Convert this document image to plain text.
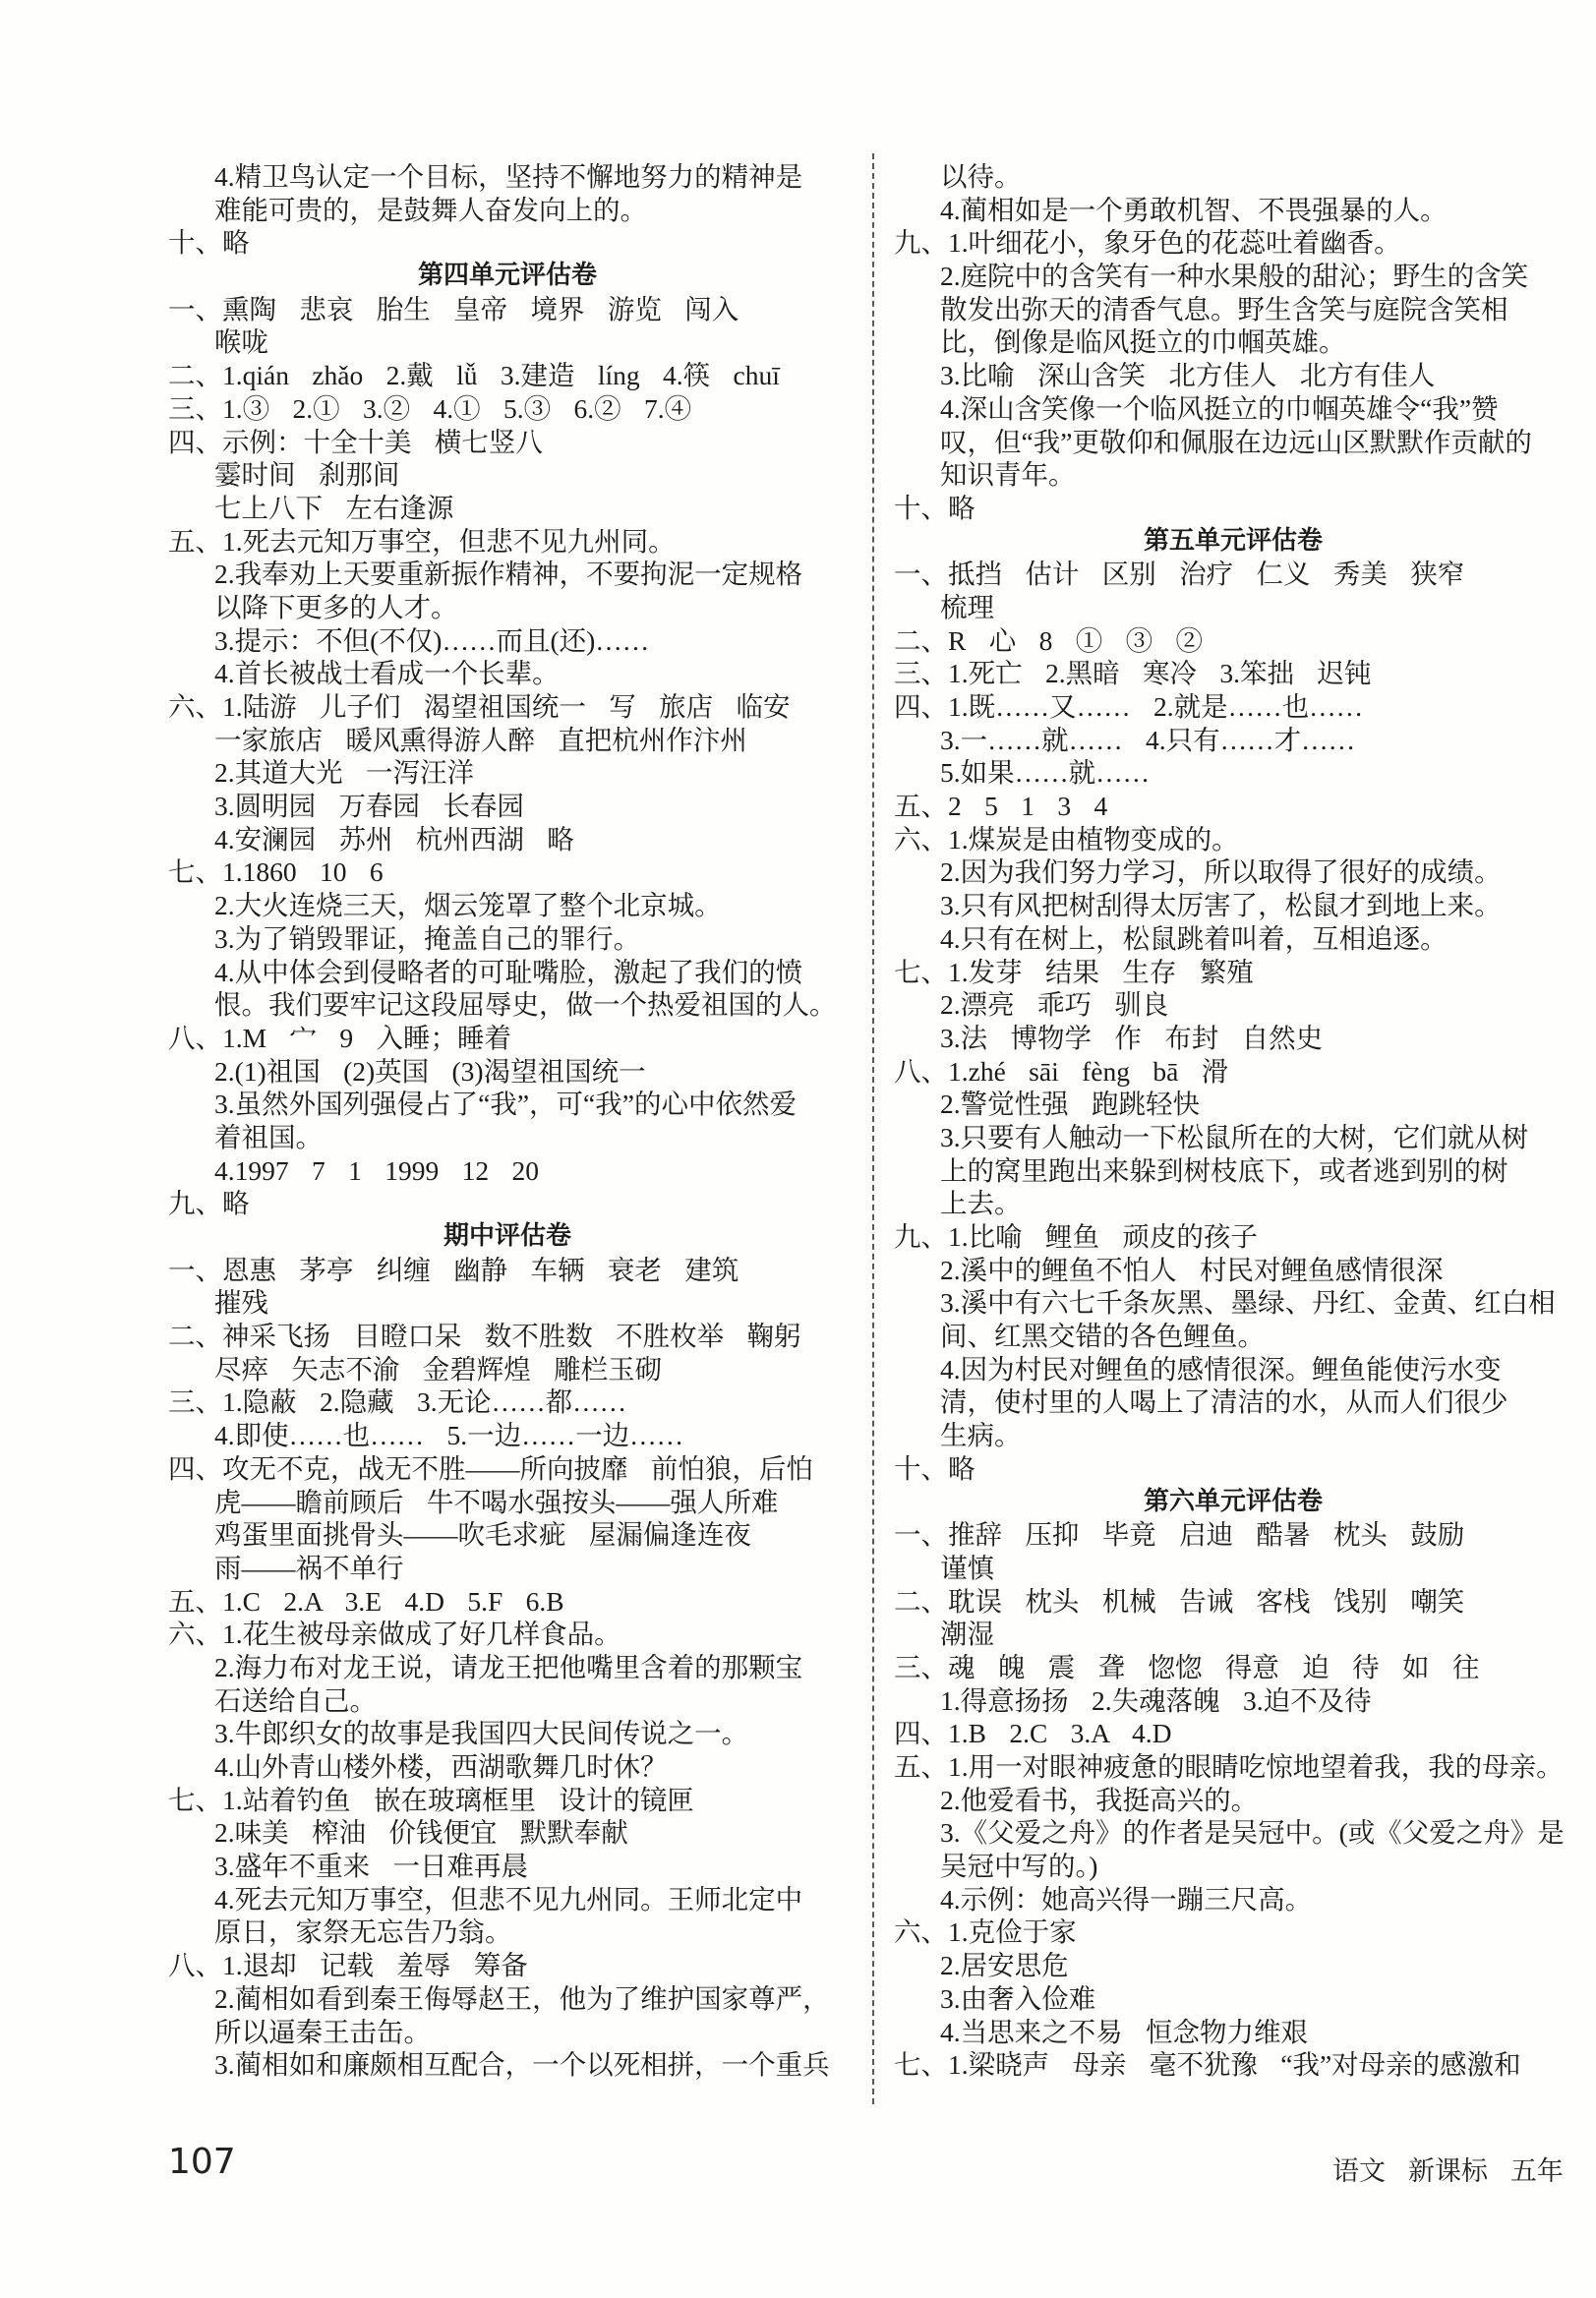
4.精卫鸟认定一个目标，坚持不懈地努力的精神是
难能可贵的，是鼓舞人奋发向上的。
十、略
第四单元评估卷
一、熏陶 悲哀 胎生 皇帝 境界 游览 闯入
喉咙
二、1.qián zhǎo 2.戴 lǚ 3.建造 líng 4.筷 chuī
三、1.③ 2.① 3.② 4.① 5.③ 6.② 7.④
四、示例：十全十美 横七竖八
霎时间 刹那间
七上八下 左右逢源
五、1.死去元知万事空，但悲不见九州同。
2.我奉劝上天要重新振作精神，不要拘泥一定规格
以降下更多的人才。
3.提示：不但(不仅)……而且(还)……
4.首长被战士看成一个长辈。
六、1.陆游 儿子们 渴望祖国统一 写 旅店 临安
一家旅店 暖风熏得游人醉 直把杭州作汴州
2.其道大光 一泻汪洋
3.圆明园 万春园 长春园
4.安澜园 苏州 杭州西湖 略
七、1.1860 10 6
2.大火连烧三天，烟云笼罩了整个北京城。
3.为了销毁罪证，掩盖自己的罪行。
4.从中体会到侵略者的可耻嘴脸，激起了我们的愤
恨。我们要牢记这段屈辱史，做一个热爱祖国的人。
八、1.M 宀 9 入睡；睡着
2.(1)祖国 (2)英国 (3)渴望祖国统一
3.虽然外国列强侵占了“我”，可“我”的心中依然爱
着祖国。
4.1997 7 1 1999 12 20
九、略
期中评估卷
一、恩惠 茅亭 纠缠 幽静 车辆 衰老 建筑
摧残
二、神采飞扬 目瞪口呆 数不胜数 不胜枚举 鞠躬
尽瘁 矢志不渝 金碧辉煌 雕栏玉砌
三、1.隐蔽 2.隐藏 3.无论……都……
4.即使……也…… 5.一边……一边……
四、攻无不克，战无不胜——所向披靡 前怕狼，后怕
虎——瞻前顾后 牛不喝水强按头——强人所难
鸡蛋里面挑骨头——吹毛求疵 屋漏偏逢连夜
雨——祸不单行
五、1.C 2.A 3.E 4.D 5.F 6.B
六、1.花生被母亲做成了好几样食品。
2.海力布对龙王说，请龙王把他嘴里含着的那颗宝
石送给自己。
3.牛郎织女的故事是我国四大民间传说之一。
4.山外青山楼外楼，西湖歌舞几时休？
七、1.站着钓鱼 嵌在玻璃框里 设计的镜匣
2.味美 榨油 价钱便宜 默默奉献
3.盛年不重来 一日难再晨
4.死去元知万事空，但悲不见九州同。王师北定中
原日，家祭无忘告乃翁。
八、1.退却 记载 羞辱 筹备
2.蔺相如看到秦王侮辱赵王，他为了维护国家尊严，
所以逼秦王击缶。
3.蔺相如和廉颇相互配合，一个以死相拼，一个重兵
以待。
4.蔺相如是一个勇敢机智、不畏强暴的人。
九、1.叶细花小，象牙色的花蕊吐着幽香。
2.庭院中的含笑有一种水果般的甜沁；野生的含笑
散发出弥天的清香气息。野生含笑与庭院含笑相
比，倒像是临风挺立的巾帼英雄。
3.比喻 深山含笑 北方佳人 北方有佳人
4.深山含笑像一个临风挺立的巾帼英雄令“我”赞
叹，但“我”更敬仰和佩服在边远山区默默作贡献的
知识青年。
十、略
第五单元评估卷
一、抵挡 估计 区别 治疗 仁义 秀美 狭窄
梳理
二、R 心 8 ① ③ ②
三、1.死亡 2.黑暗 寒冷 3.笨拙 迟钝
四、1.既……又…… 2.就是……也……
3.一……就…… 4.只有……才……
5.如果……就……
五、2 5 1 3 4
六、1.煤炭是由植物变成的。
2.因为我们努力学习，所以取得了很好的成绩。
3.只有风把树刮得太厉害了，松鼠才到地上来。
4.只有在树上，松鼠跳着叫着，互相追逐。
七、1.发芽 结果 生存 繁殖
2.漂亮 乖巧 驯良
3.法 博物学 作 布封 自然史
八、1.zhé sāi fèng bā 滑
2.警觉性强 跑跳轻快
3.只要有人触动一下松鼠所在的大树，它们就从树
上的窝里跑出来躲到树枝底下，或者逃到别的树
上去。
九、1.比喻 鲤鱼 顽皮的孩子
2.溪中的鲤鱼不怕人 村民对鲤鱼感情很深
3.溪中有六七千条灰黑、墨绿、丹红、金黄、红白相
间、红黑交错的各色鲤鱼。
4.因为村民对鲤鱼的感情很深。鲤鱼能使污水变
清，使村里的人喝上了清洁的水，从而人们很少
生病。
十、略
第六单元评估卷
一、推辞 压抑 毕竟 启迪 酷暑 枕头 鼓励
谨慎
二、耽误 枕头 机械 告诫 客栈 饯别 嘲笑
潮湿
三、魂 魄 震 聋 惚惚 得意 迫 待 如 往
1.得意扬扬 2.失魂落魄 3.迫不及待
四、1.B 2.C 3.A 4.D
五、1.用一对眼神疲惫的眼睛吃惊地望着我，我的母亲。
2.他爱看书，我挺高兴的。
3.《父爱之舟》的作者是吴冠中。(或《父爱之舟》是
吴冠中写的。)
4.示例：她高兴得一蹦三尺高。
六、1.克俭于家
2.居安思危
3.由奢入俭难
4.当思来之不易 恒念物力维艰
七、1.梁晓声 母亲 毫不犹豫 “我”对母亲的感激和
107	语文 新课标 五年
